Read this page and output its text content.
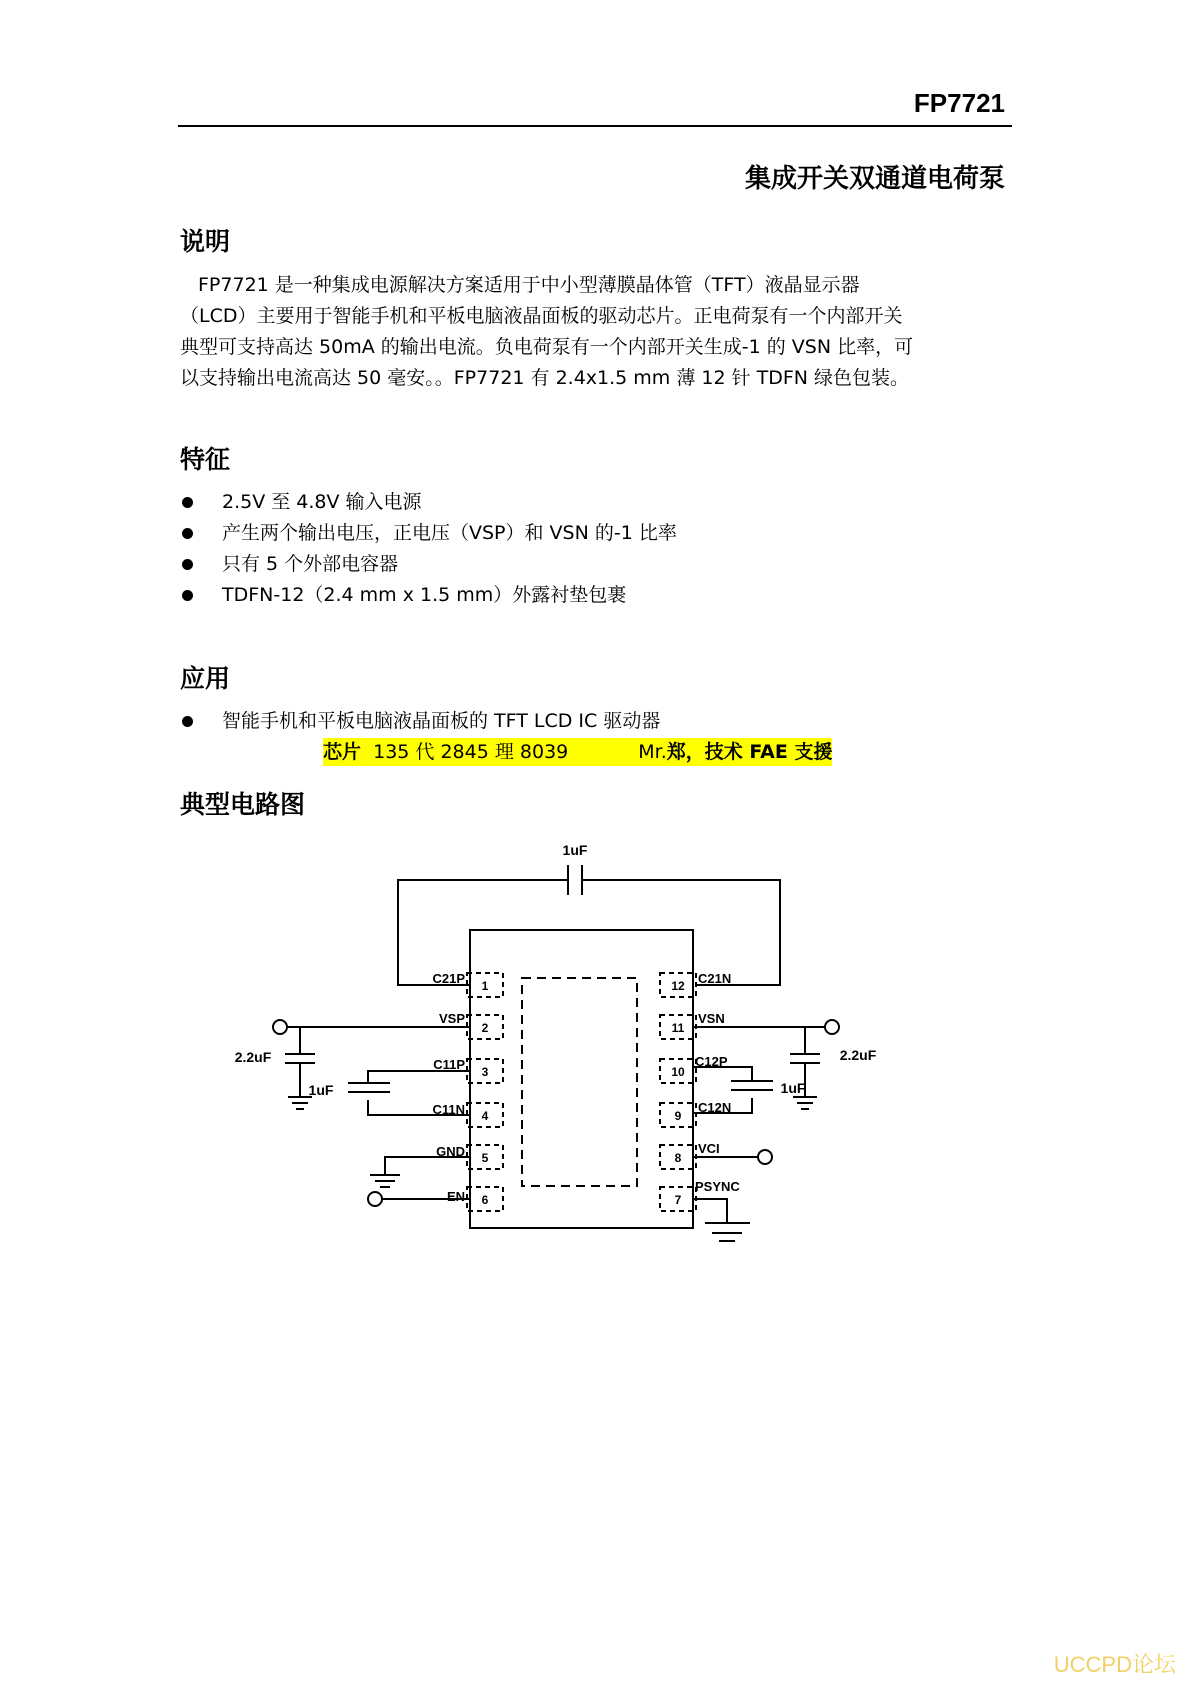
FP7721
集成开关双通道电荷泵
说明

FP7721 是一种集成电源解决方案适用于中小型薄膜晶体管（TFT）液晶显示器

（LCD）主要用于智能手机和平板电脑液晶面板的驱动芯片。正电荷泵有一个内部开关

典型可支持高达 50mA 的输出电流。负电荷泵有一个内部开关生成-1 的 VSN 比率，可

以支持输出电流高达 50 毫安。。FP7721 有 2.4x1.5 mm 薄 12 针 TDFN 绿色包装。

特征
2.5V 至 4.8V 输入电源
产生两个输出电压，正电压（VSP）和 VSN 的-1 比率
只有 5 个外部电容器
TDFN-12（2.4 mm x 1.5 mm）外露衬垫包裹
应用
智能手机和平板电脑液晶面板的 TFT LCD IC 驱动器
芯片 135 代 2845 理 8039	Mr.郑，技术 FAE 支援
典型电路图
1
2
3
4
5
6
12
11
10
9
8
7
C21P
VSP
C11P
C11N
GND
EN
C21N
VSN
C12P
C12N
VCI
PSYNC
1uF
2.2uF
1uF
2.2uF
1uF
UCCPD论坛
